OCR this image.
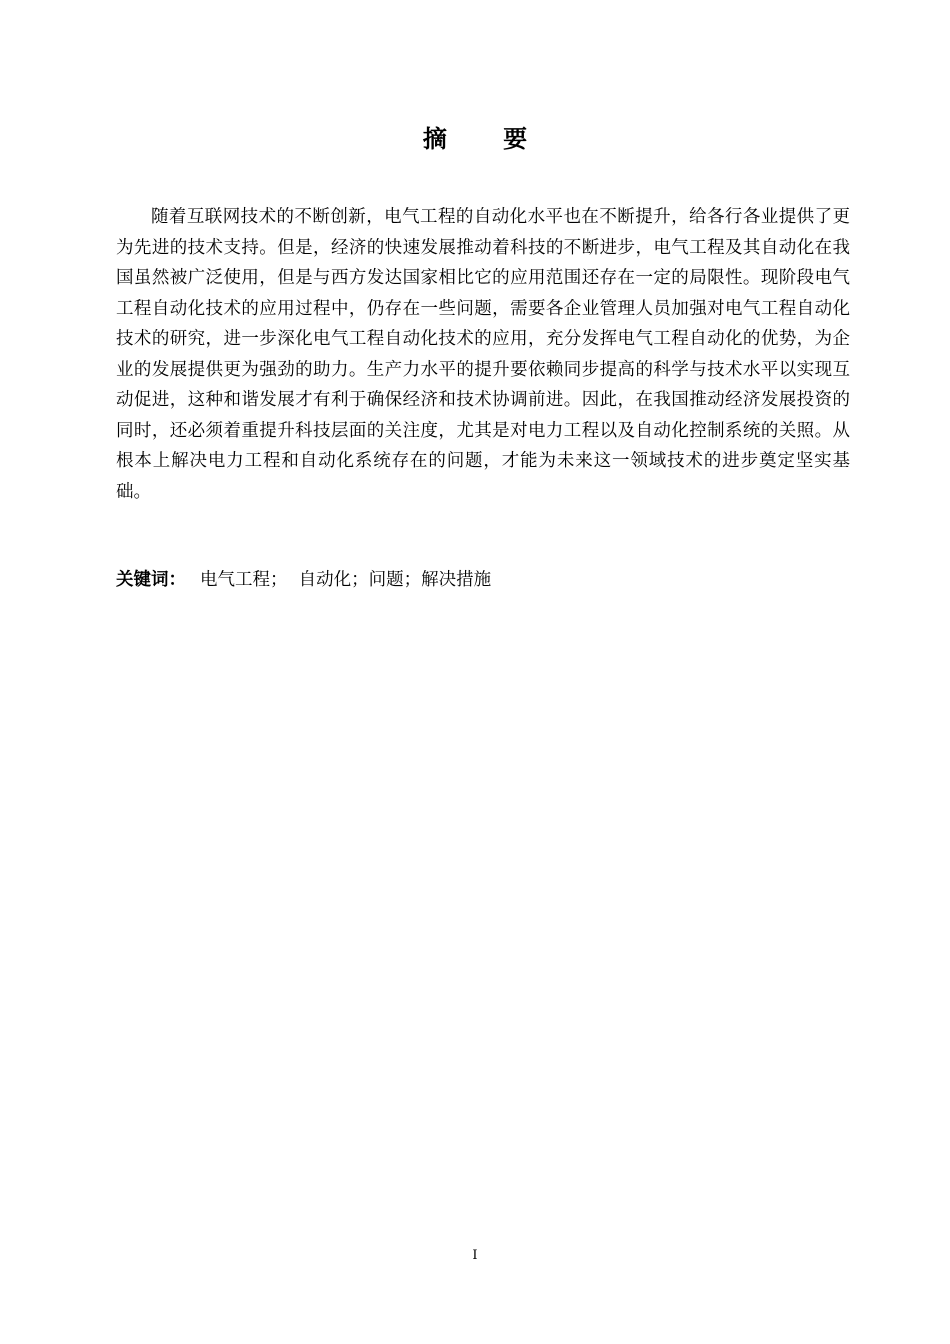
摘 要

随着互联网技术的不断创新，电气工程的自动化水平也在不断提升，给各行各业提供了更为先进的技术支持。但是，经济的快速发展推动着科技的不断进步，电气工程及其自动化在我国虽然被广泛使用，但是与西方发达国家相比它的应用范围还存在一定的局限性。现阶段电气工程自动化技术的应用过程中，仍存在一些问题，需要各企业管理人员加强对电气工程自动化技术的研究，进一步深化电气工程自动化技术的应用，充分发挥电气工程自动化的优势，为企业的发展提供更为强劲的助力。生产力水平的提升要依赖同步提高的科学与技术水平以实现互动促进，这种和谐发展才有利于确保经济和技术协调前进。因此，在我国推动经济发展投资的同时，还必须着重提升科技层面的关注度，尤其是对电力工程以及自动化控制系统的关照。从根本上解决电力工程和自动化系统存在的问题，才能为未来这一领域技术的进步奠定坚实基础。

关键词： 电气工程；  自动化；问题；解决措施
I
